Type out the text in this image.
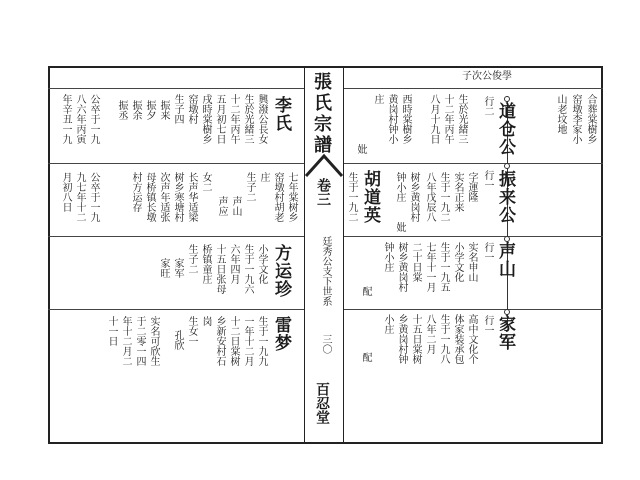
張氏宗譜
卷三
廷秀公支下世系
三〇
百忍堂
子次公俊學
合葬棠樹乡
窑墩李家小
山老坟地
道仓公
振来公
声山
家军
行二
行一
行一
行一
生於光緒三
十二年丙午
八月十九日
西時棠樹乡
黄岗村钟小
庄
妣
字運隆
实名正来
生于一九二
八年戊辰八
树乡黄岗村
钟小庄
妣
胡道英
生于一九二
实名申山
小学文化
生于一九五
七年十一月
二十日棠
树乡黄岗村
钟小庄
配
高中文化个
体家装承包
生于一九八
八年二月
十五日棠树
乡黄岗村钟
小庄
配
李氏
興潑公長女
生於光緒三
十二年丙午
五月初七日
戌時棠樹乡
窑墩村
生子四
振来
振夕
振余
振丞
公卒于一九
八六年丙寅
年辛丑一九
七年棠树乡
窑墩村胡老
庄
生子二
声山
声应
女二
长声华适梁
树乡寒塘村
次声年适张
母桥镇长墩
村方运存
公卒于一九
九七年十二
月初八日
方运珍
小学文化
生于一九六
六年四月
十五日张母
桥镇童庄
生子二
家军
家旺
雷梦
生于一九九
一年十二月
十二日棠树
乡新安村石
岗
生女一
孔欣
实名可欣生
于二零一四
年十二月二
十一日
